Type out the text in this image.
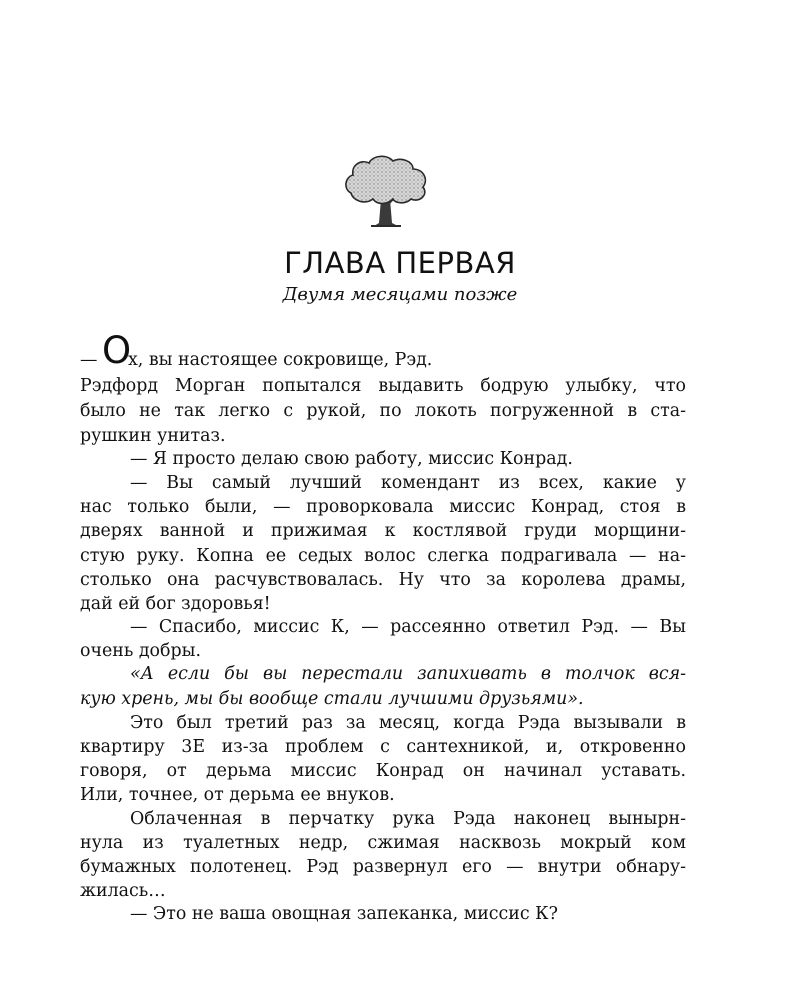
ГЛАВА ПЕРВАЯ
Двумя месяцами позже
— О
х, вы настоящее сокровище, Рэд.
Рэдфорд Морган попытался выдавить бодрую улыбку, что
было не так легко с рукой, по локоть погруженной в ста-
рушкин унитаз.
— Я просто делаю свою работу, миссис Конрад.
— Вы самый лучший комендант из всех, какие у
нас только были, — проворковала миссис Конрад, стоя в
дверях ванной и прижимая к костлявой груди морщини-
стую руку. Копна ее седых волос слегка подрагивала — на-
столько она расчувствовалась. Ну что за королева драмы,
дай ей бог здоровья!
— Спасибо, миссис К, — рассеянно ответил Рэд. — Вы
очень добры.
«А если бы вы перестали запихивать в толчок вся-
кую хрень, мы бы вообще стали лучшими друзьями».
Это был третий раз за месяц, когда Рэда вызывали в
квартиру 3Е из-за проблем с сантехникой, и, откровенно
говоря, от дерьма миссис Конрад он начинал уставать.
Или, точнее, от дерьма ее внуков.
Облаченная в перчатку рука Рэда наконец вынырн-
нула из туалетных недр, сжимая насквозь мокрый ком
бумажных полотенец. Рэд развернул его — внутри обнару-
жилась…
— Это не ваша овощная запеканка, миссис К?
